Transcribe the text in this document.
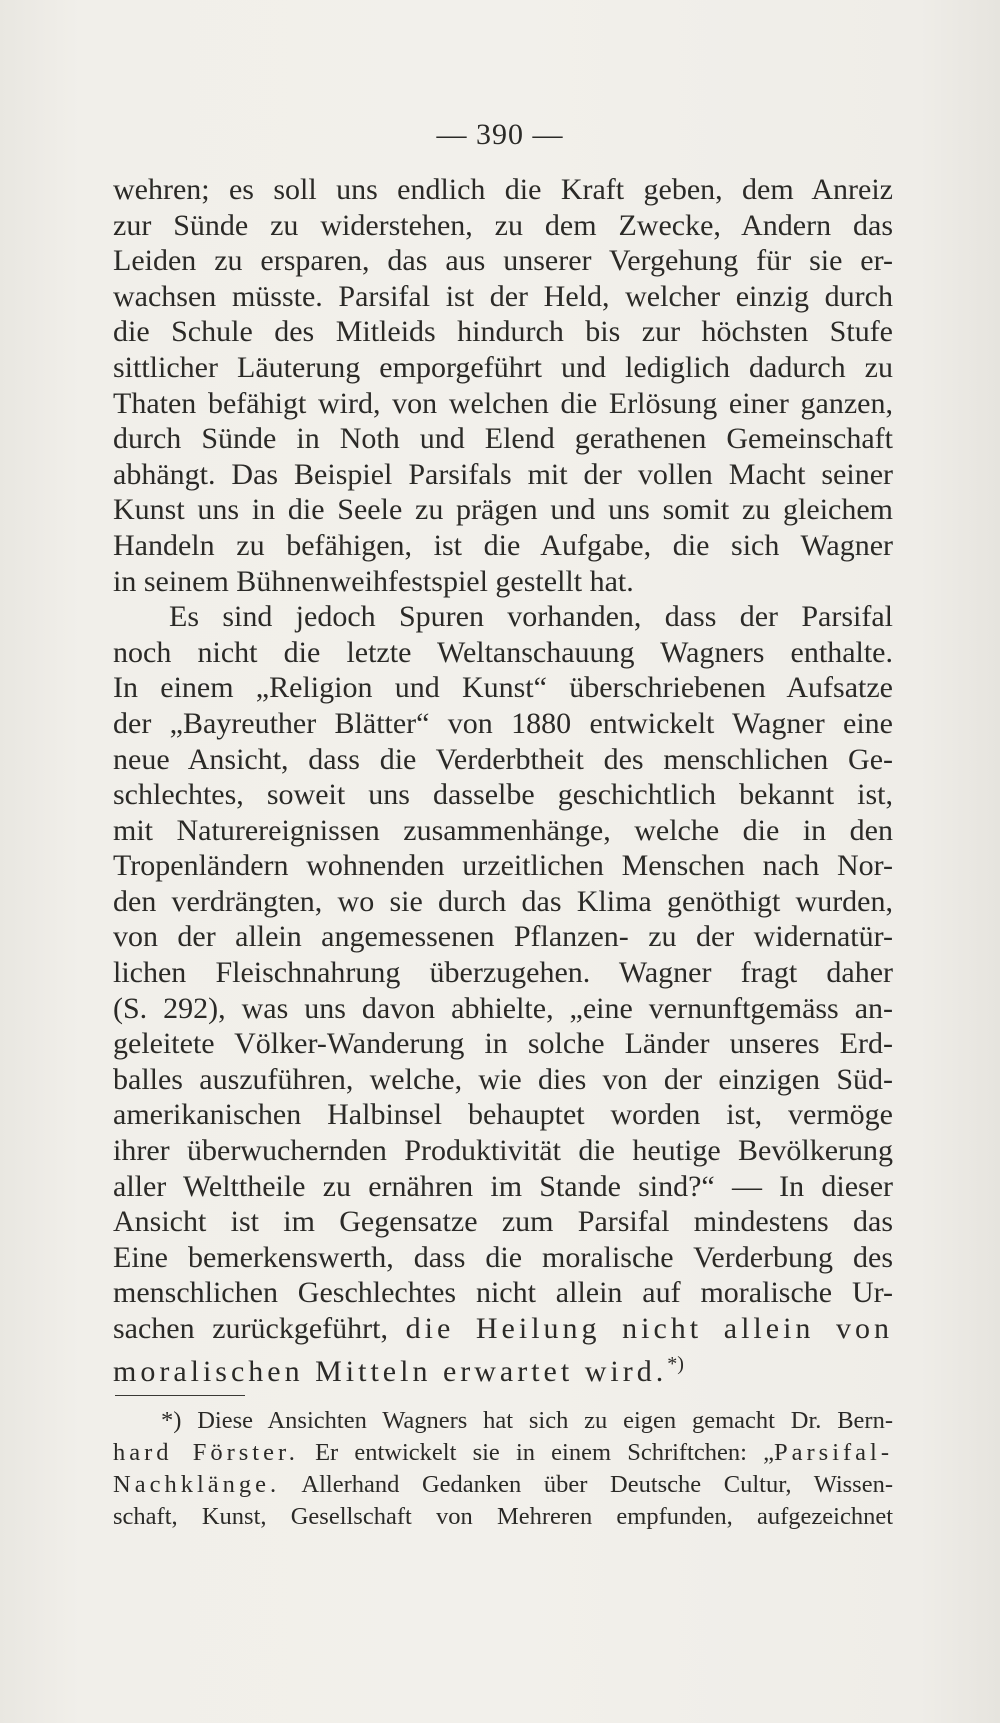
— 390 —
wehren; es soll uns endlich die Kraft geben, dem Anreiz
zur Sünde zu widerstehen, zu dem Zwecke, Andern das
Leiden zu ersparen, das aus unserer Vergehung für sie er-
wachsen müsste. Parsifal ist der Held, welcher einzig durch
die Schule des Mitleids hindurch bis zur höchsten Stufe
sittlicher Läuterung emporgeführt und lediglich dadurch zu
Thaten befähigt wird, von welchen die Erlösung einer ganzen,
durch Sünde in Noth und Elend gerathenen Gemeinschaft
abhängt. Das Beispiel Parsifals mit der vollen Macht seiner
Kunst uns in die Seele zu prägen und uns somit zu gleichem
Handeln zu befähigen, ist die Aufgabe, die sich Wagner
in seinem Bühnenweihfestspiel gestellt hat.
Es sind jedoch Spuren vorhanden, dass der Parsifal
noch nicht die letzte Weltanschauung Wagners enthalte.
In einem „Religion und Kunst“ überschriebenen Aufsatze
der „Bayreuther Blätter“ von 1880 entwickelt Wagner eine
neue Ansicht, dass die Verderbtheit des menschlichen Ge-
schlechtes, soweit uns dasselbe geschichtlich bekannt ist,
mit Naturereignissen zusammenhänge, welche die in den
Tropenländern wohnenden urzeitlichen Menschen nach Nor-
den verdrängten, wo sie durch das Klima genöthigt wurden,
von der allein angemessenen Pflanzen- zu der widernatür-
lichen Fleischnahrung überzugehen. Wagner fragt daher
(S. 292), was uns davon abhielte, „eine vernunftgemäss an-
geleitete Völker-Wanderung in solche Länder unseres Erd-
balles auszuführen, welche, wie dies von der einzigen Süd-
amerikanischen Halbinsel behauptet worden ist, vermöge
ihrer überwuchernden Produktivität die heutige Bevölkerung
aller Welttheile zu ernähren im Stande sind?“ — In dieser
Ansicht ist im Gegensatze zum Parsifal mindestens das
Eine bemerkenswerth, dass die moralische Verderbung des
menschlichen Geschlechtes nicht allein auf moralische Ur-
sachen zurückgeführt, die Heilung nicht allein von
moralischen Mitteln erwartet wird.*)
*) Diese Ansichten Wagners hat sich zu eigen gemacht Dr. Bern-
hard Förster. Er entwickelt sie in einem Schriftchen: „Parsifal-
Nachklänge. Allerhand Gedanken über Deutsche Cultur, Wissen-
schaft, Kunst, Gesellschaft von Mehreren empfunden, aufgezeichnet
